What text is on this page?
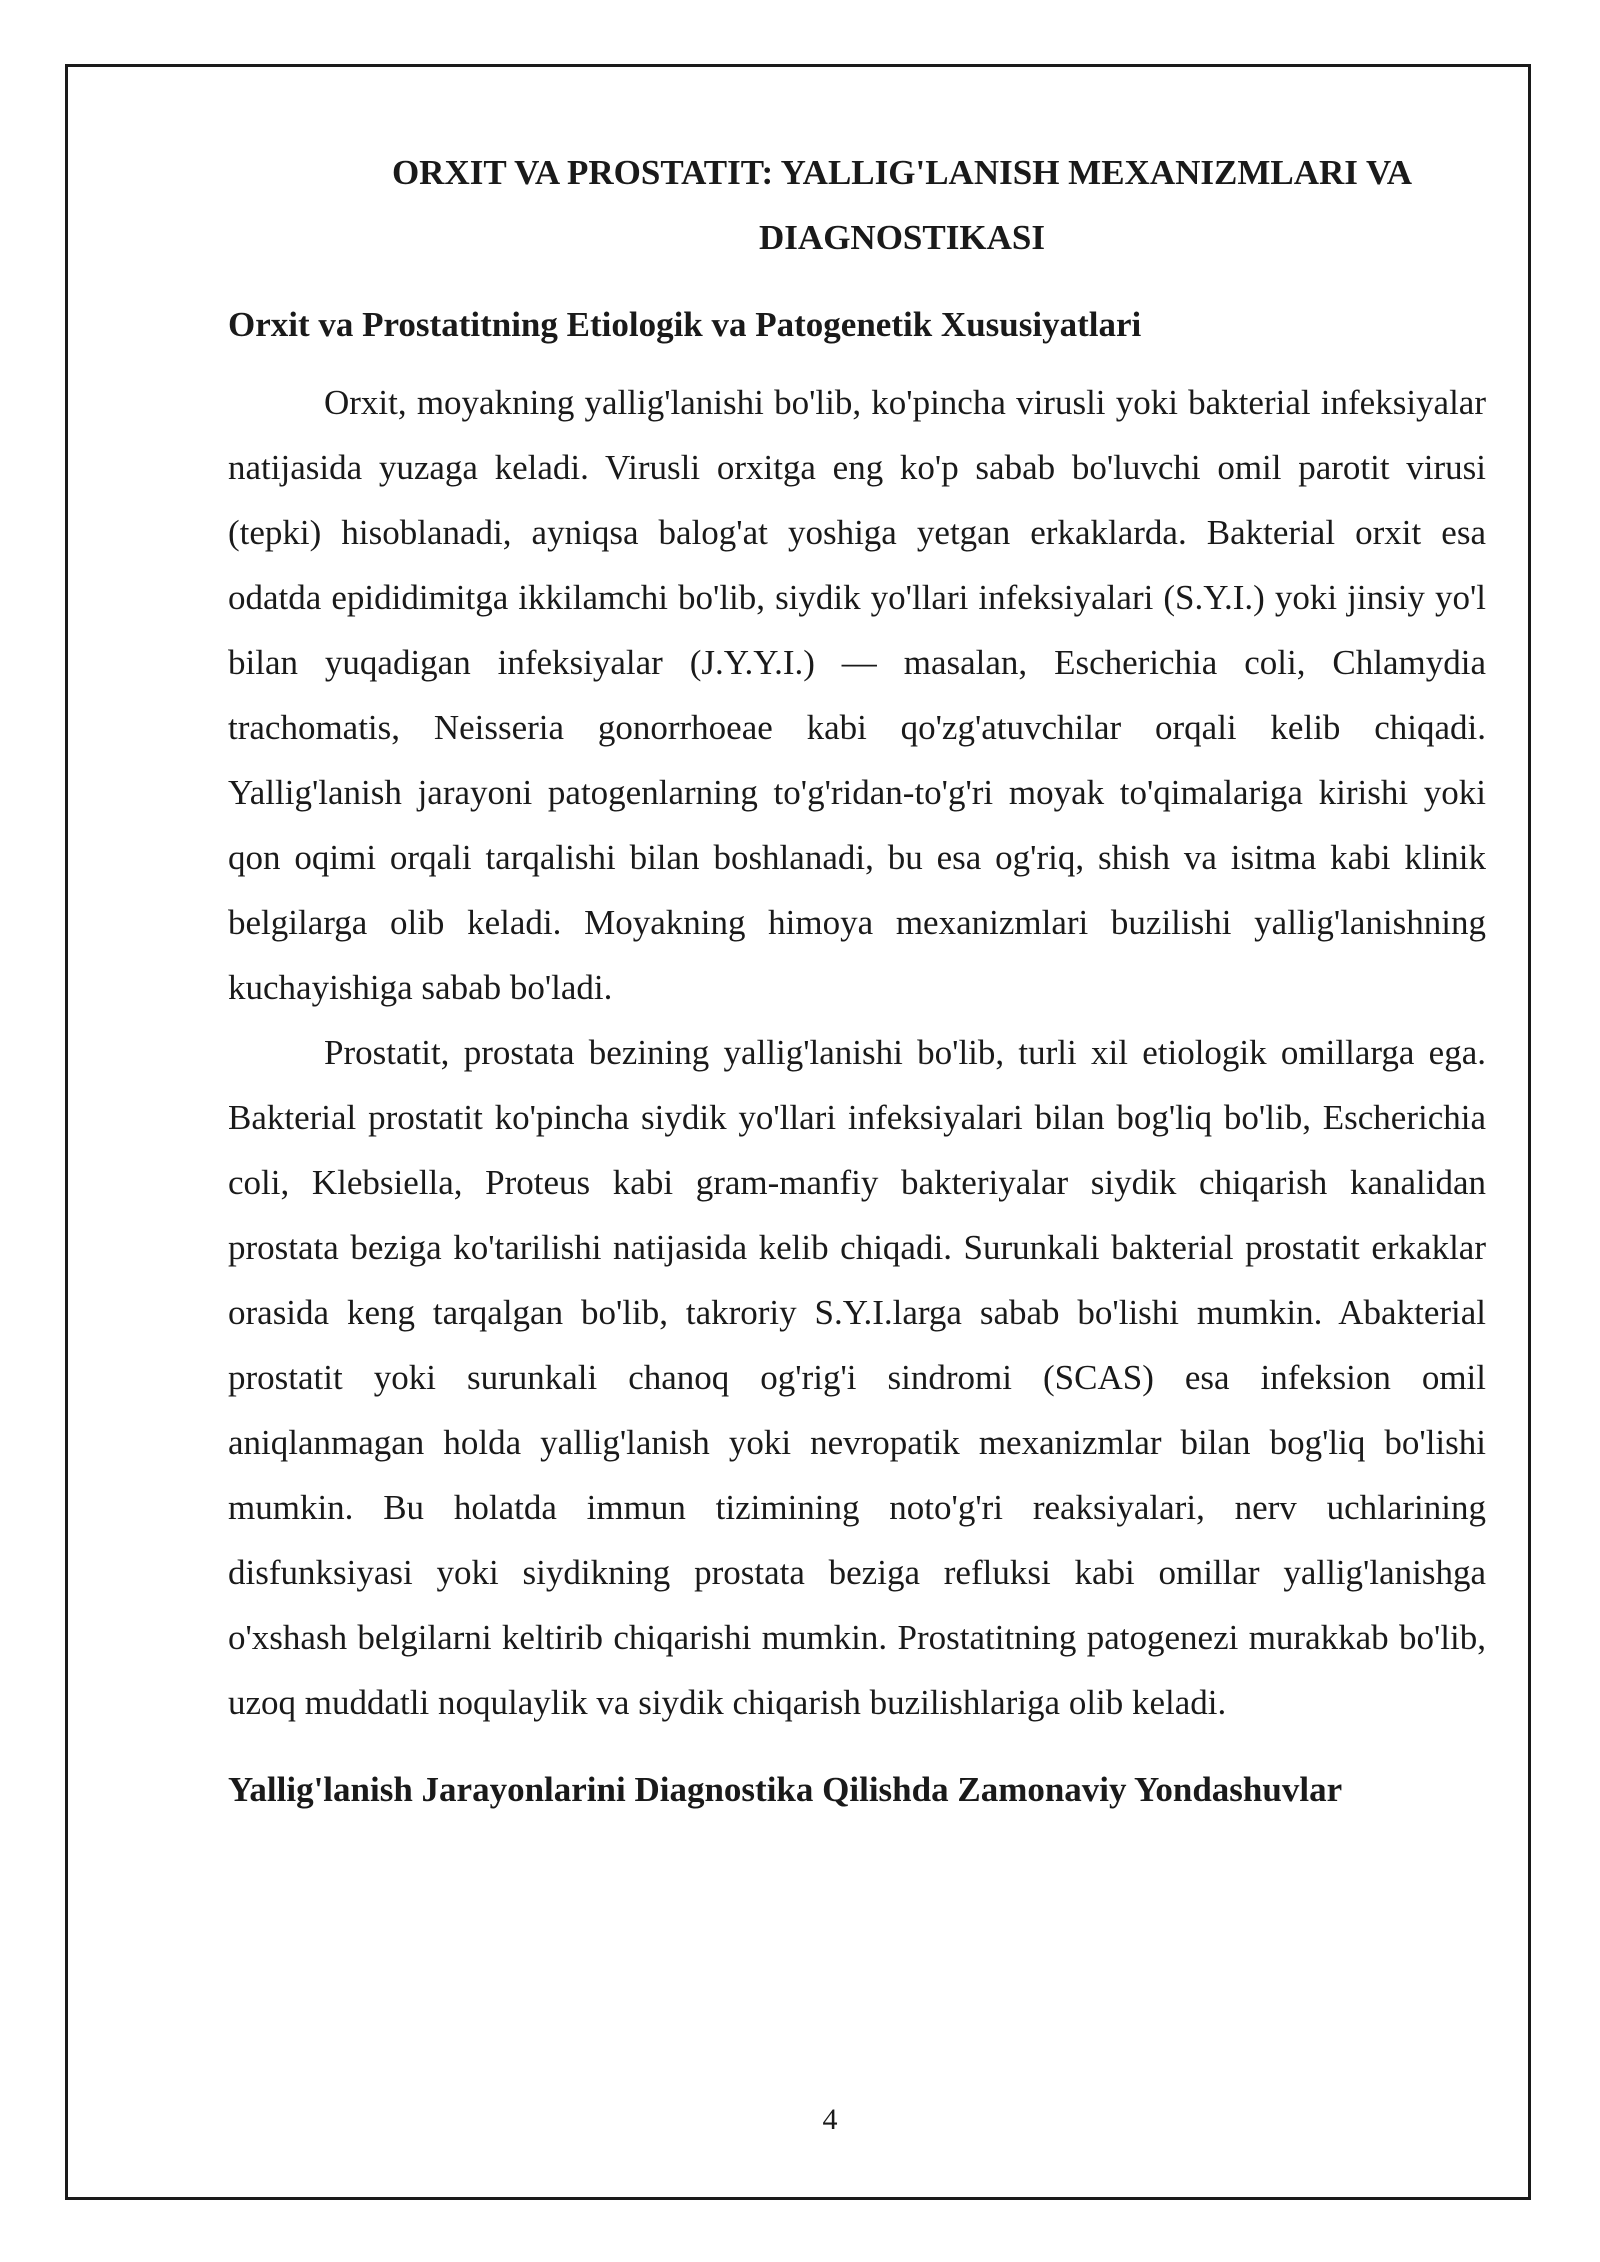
ORXIT VA PROSTATIT: YALLIG'LANISH MEXANIZMLARI VA DIAGNOSTIKASI
Orxit va Prostatitning Etiologik va Patogenetik Xususiyatlari

Orxit, moyakning yallig'lanishi bo'lib, ko'pincha virusli yoki bakterial infeksiyalar natijasida yuzaga keladi. Virusli orxitga eng ko'p sabab bo'luvchi omil parotit virusi (tepki) hisoblanadi, ayniqsa balog'at yoshiga yetgan erkaklarda. Bakterial orxit esa odatda epididimitga ikkilamchi bo'lib, siydik yo'llari infeksiyalari (S.Y.I.) yoki jinsiy yo'l bilan yuqadigan infeksiyalar (J.Y.Y.I.) — masalan, Escherichia coli, Chlamydia trachomatis, Neisseria gonorrhoeae kabi qo'zg'atuvchilar orqali kelib chiqadi. Yallig'lanish jarayoni patogenlarning to'g'ridan-to'g'ri moyak to'qimalariga kirishi yoki qon oqimi orqali tarqalishi bilan boshlanadi, bu esa og'riq, shish va isitma kabi klinik belgilarga olib keladi. Moyakning himoya mexanizmlari buzilishi yallig'lanishning kuchayishiga sabab bo'ladi.

Prostatit, prostata bezining yallig'lanishi bo'lib, turli xil etiologik omillarga ega. Bakterial prostatit ko'pincha siydik yo'llari infeksiyalari bilan bog'liq bo'lib, Escherichia coli, Klebsiella, Proteus kabi gram-manfiy bakteriyalar siydik chiqarish kanalidan prostata beziga ko'tarilishi natijasida kelib chiqadi. Surunkali bakterial prostatit erkaklar orasida keng tarqalgan bo'lib, takroriy S.Y.I.larga sabab bo'lishi mumkin. Abakterial prostatit yoki surunkali chanoq og'rig'i sindromi (SCAS) esa infeksion omil aniqlanmagan holda yallig'lanish yoki nevropatik mexanizmlar bilan bog'liq bo'lishi mumkin. Bu holatda immun tizimining noto'g'ri reaksiyalari, nerv uchlarining disfunksiyasi yoki siydikning prostata beziga refluksi kabi omillar yallig'lanishga o'xshash belgilarni keltirib chiqarishi mumkin. Prostatitning patogenezi murakkab bo'lib, uzoq muddatli noqulaylik va siydik chiqarish buzilishlariga olib keladi.

Yallig'lanish Jarayonlarini Diagnostika Qilishda Zamonaviy Yondashuvlar
4
